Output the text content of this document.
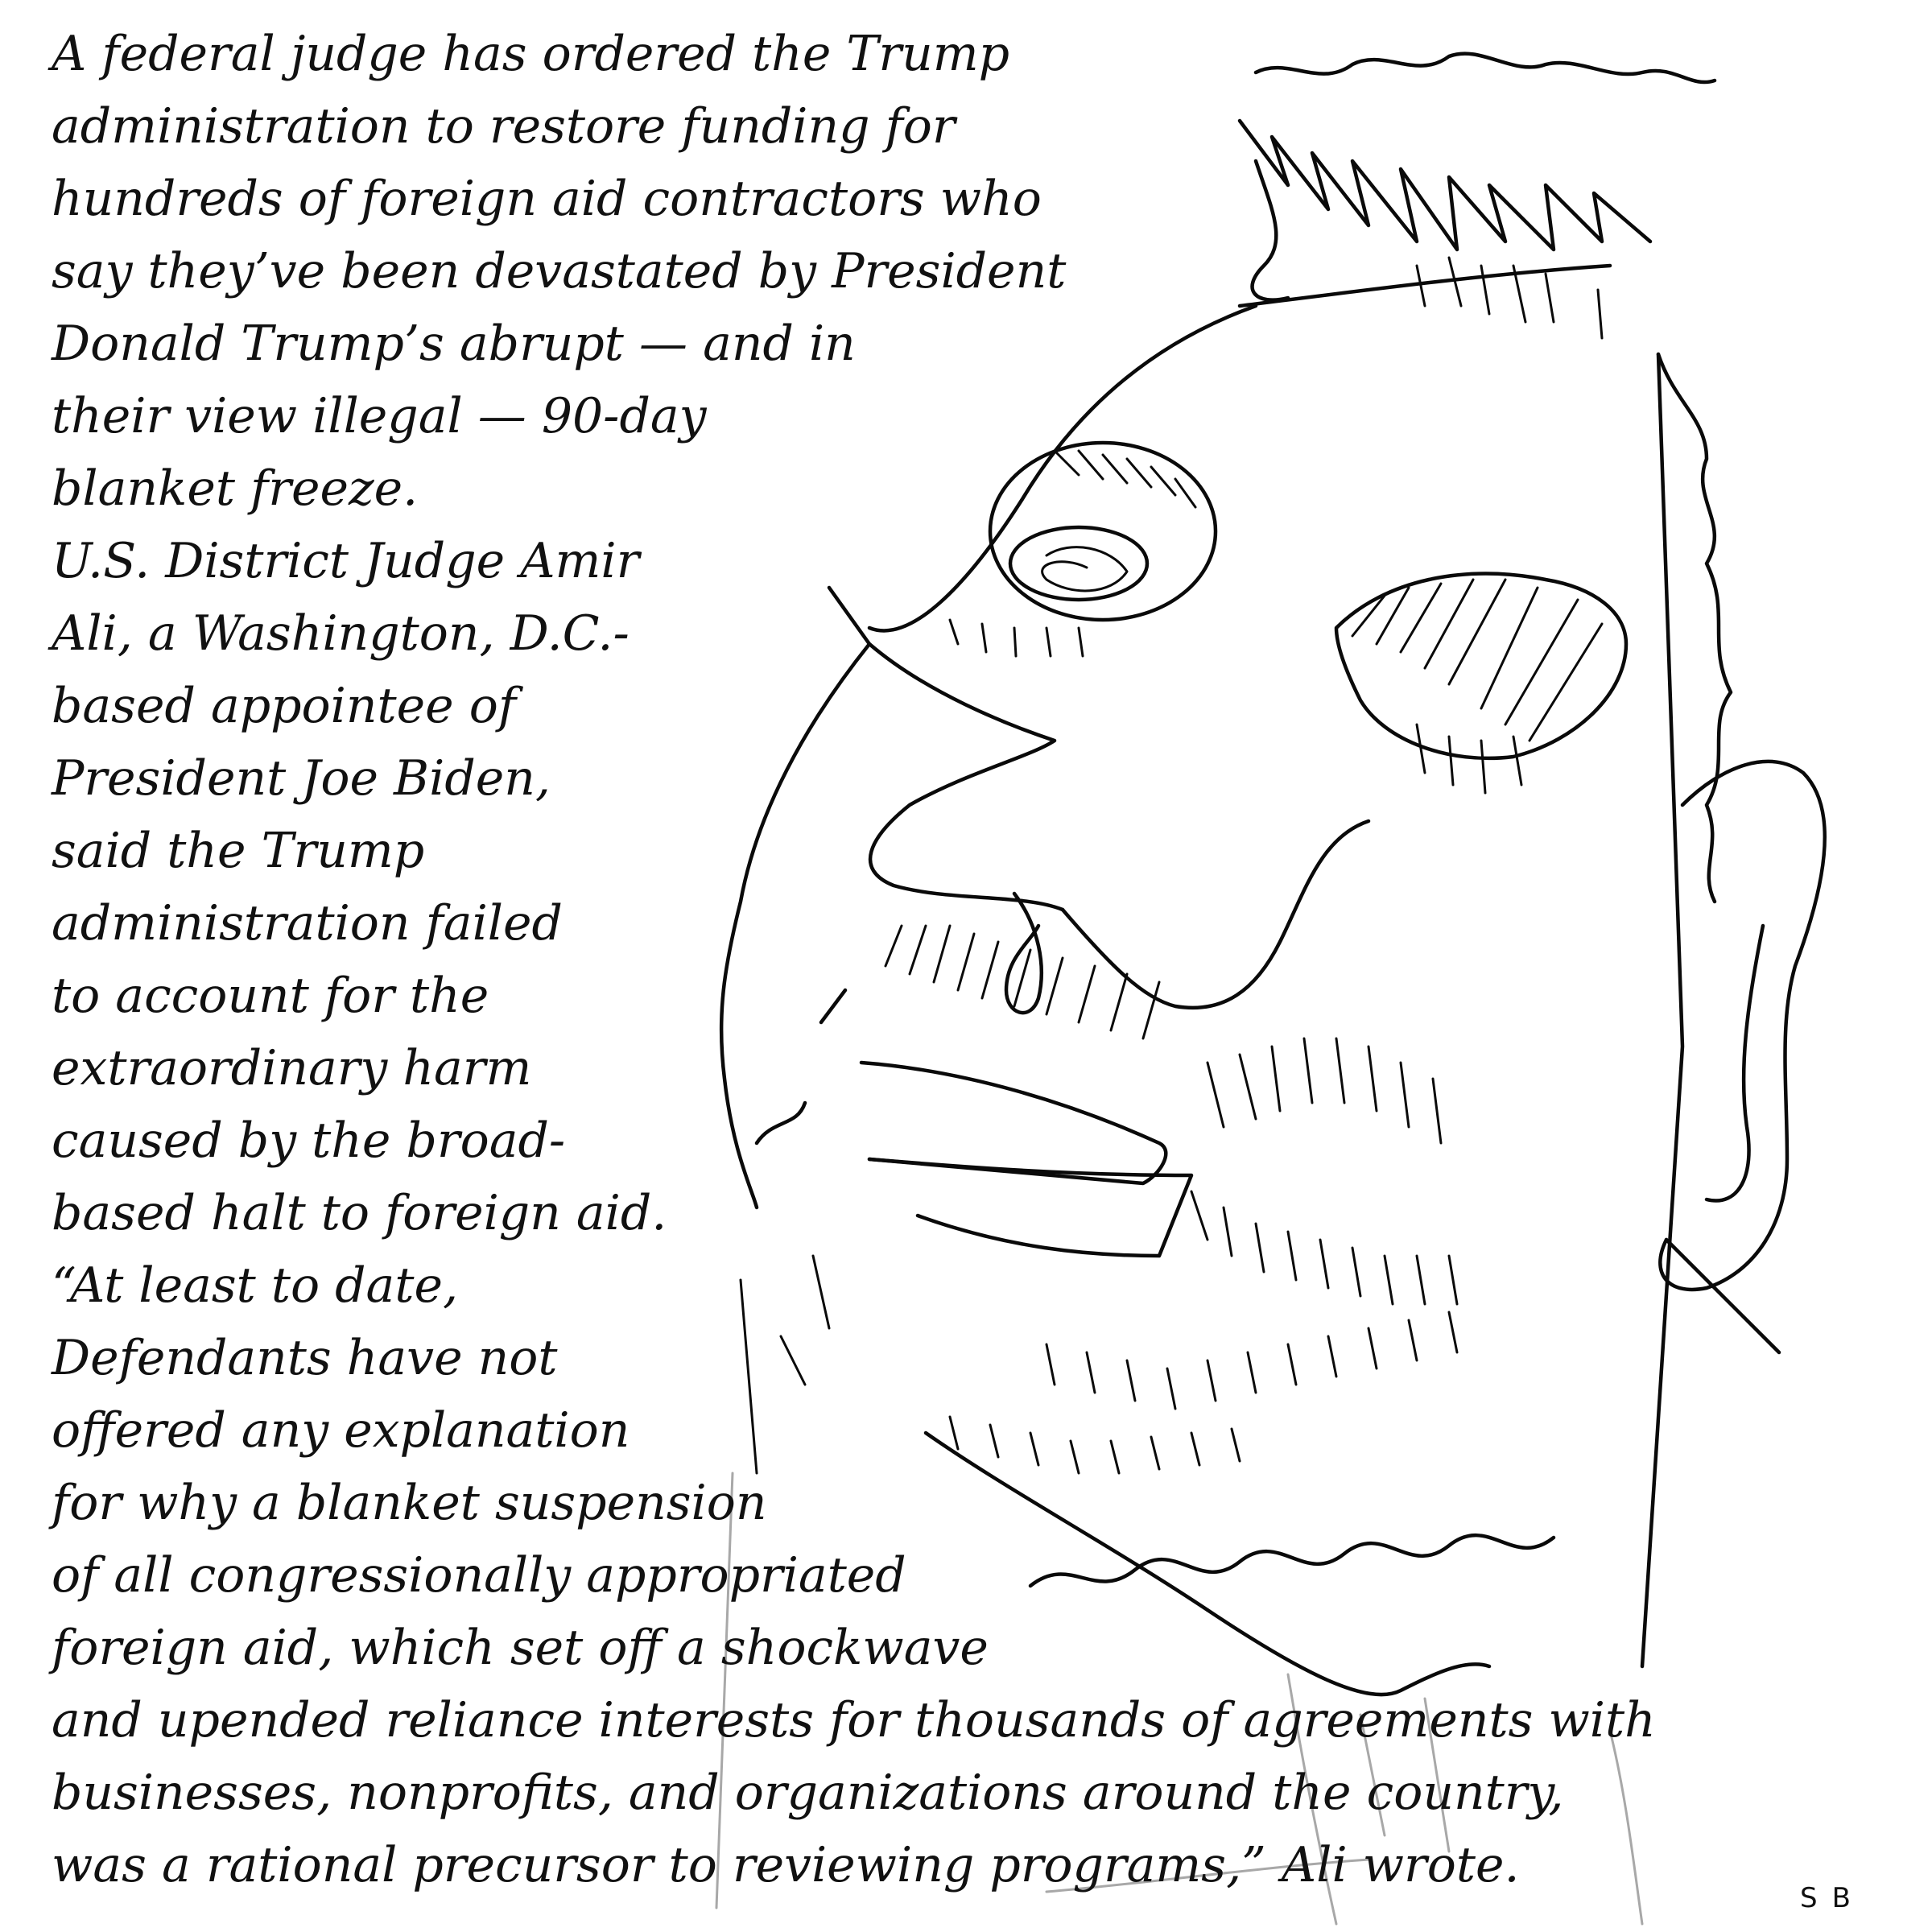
A federal judge has ordered the Trump

administration to restore funding for

hundreds of foreign aid contractors who

say they’ve been devastated by President

Donald Trump’s abrupt — and in

their view illegal — 90-day

blanket freeze.

U.S. District Judge Amir

Ali, a Washington, D.C.-

based appointee of

President Joe Biden,

said the Trump

administration failed

to account for the

extraordinary harm

caused by the broad-

based halt to foreign aid.

“At least to date,

Defendants have not

offered any explanation

for why a blanket suspension

of all congressionally appropriated

foreign aid, which set off a shockwave

and upended reliance interests for thousands of agreements with

businesses, nonprofits, and organizations around the country,

was a rational precursor to reviewing programs,” Ali wrote.

SB
